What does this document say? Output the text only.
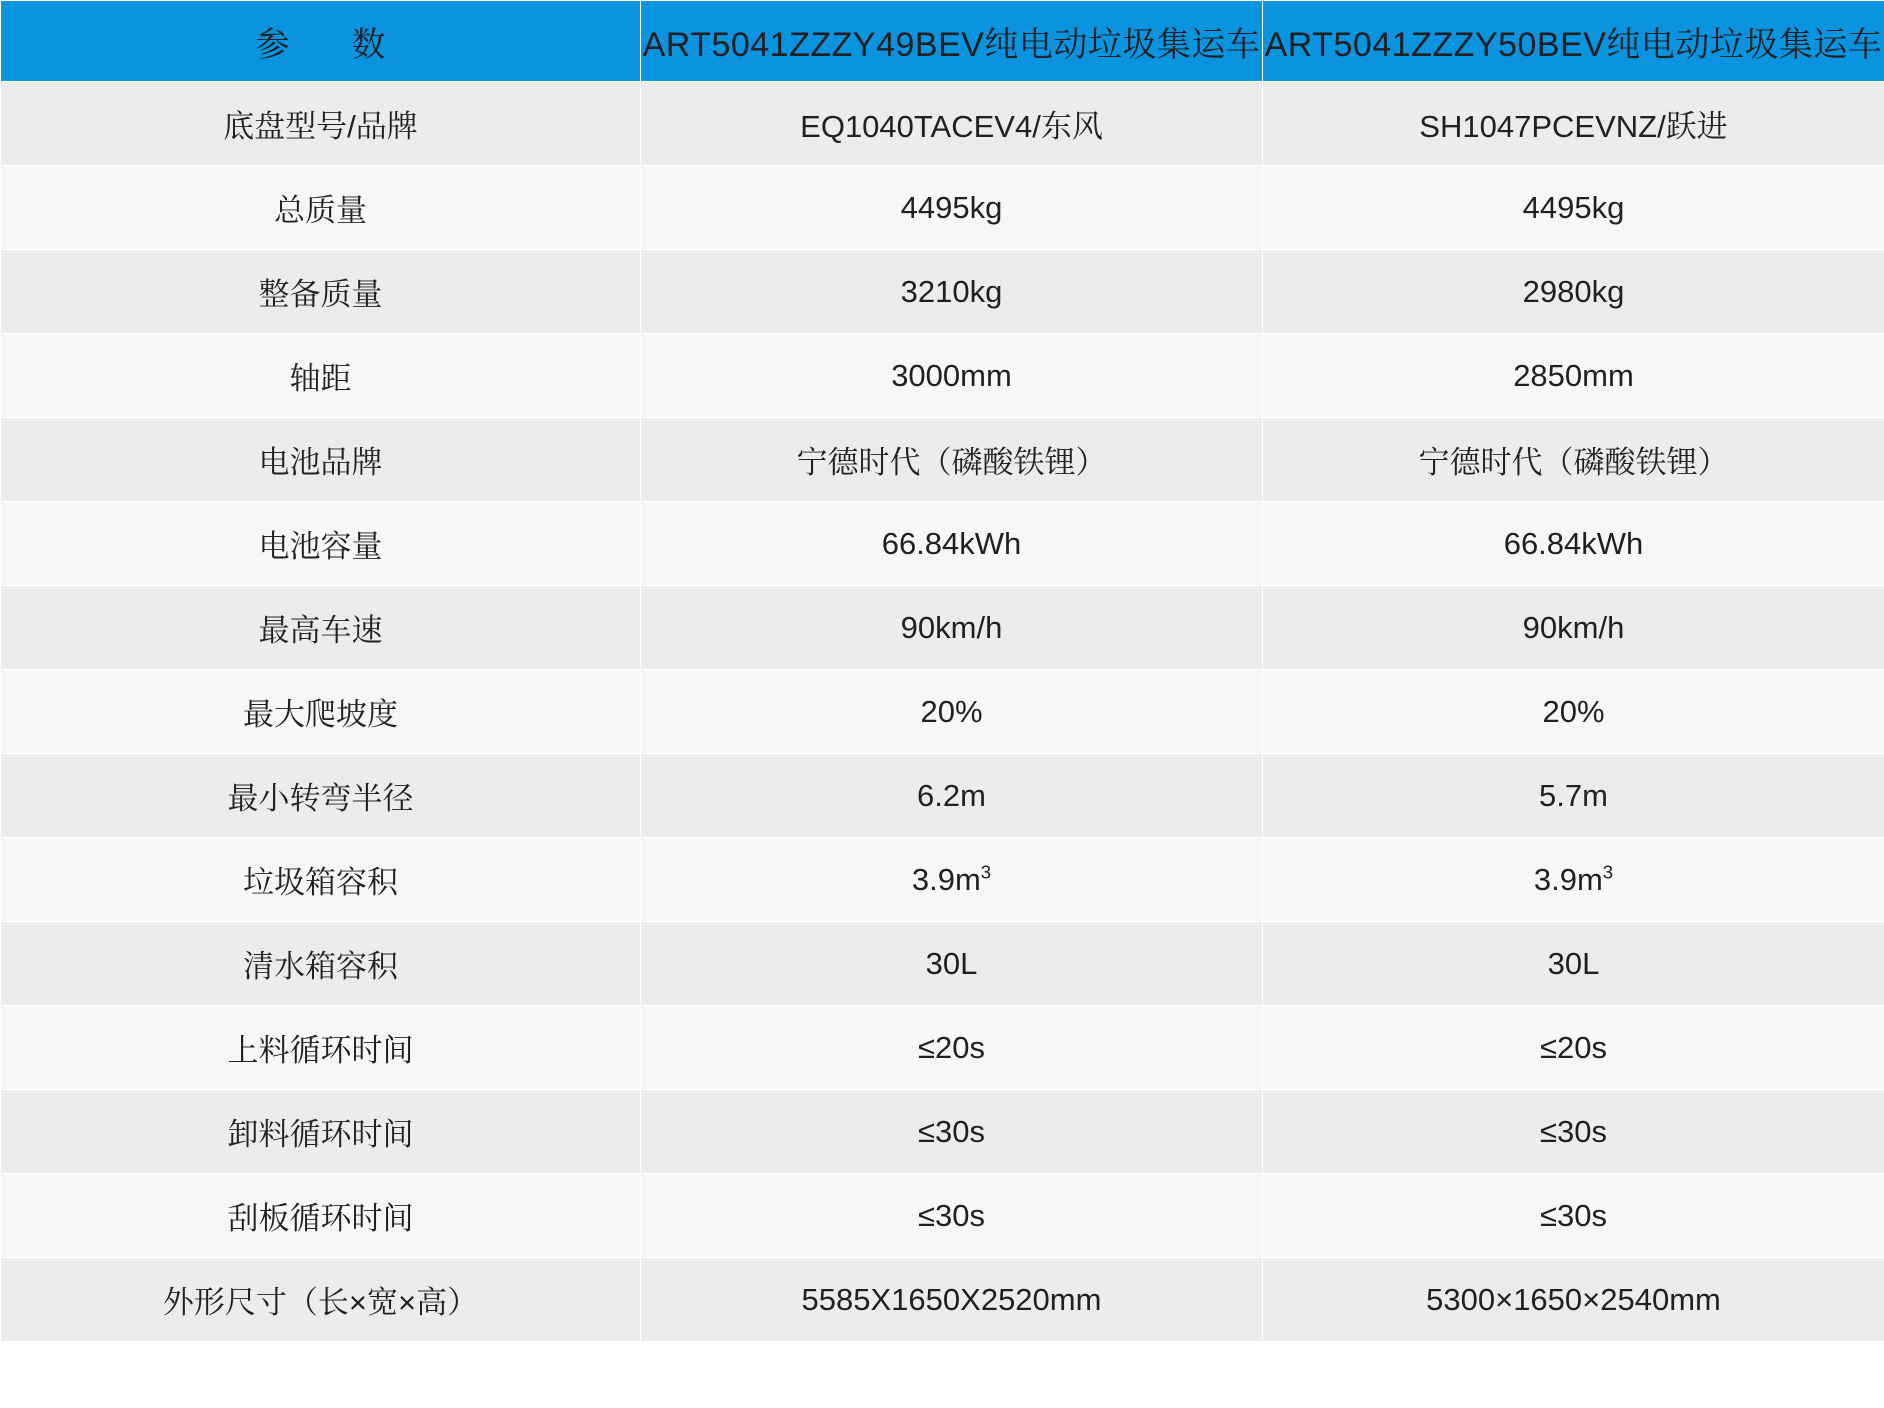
参　数	ART5041ZZZY49BEV纯电动垃圾集运车	ART5041ZZZY50BEV纯电动垃圾集运车
底盘型号/品牌	EQ1040TACEV4/东风	SH1047PCEVNZ/跃进
总质量	4495kg	4495kg
整备质量	3210kg	2980kg
轴距	3000mm	2850mm
电池品牌	宁德时代（磷酸铁锂）	宁德时代（磷酸铁锂）
电池容量	66.84kWh	66.84kWh
最高车速	90km/h	90km/h
最大爬坡度	20%	20%
最小转弯半径	6.2m	5.7m
垃圾箱容积	$3.9m^3$	$3.9m^3$
清水箱容积	30L	30L
上料循环时间	≤20s	≤20s
卸料循环时间	≤30s	≤30s
刮板循环时间	≤30s	≤30s
外形尺寸（长×宽×高）	5585X1650X2520mm	5300×1650×2540mm
